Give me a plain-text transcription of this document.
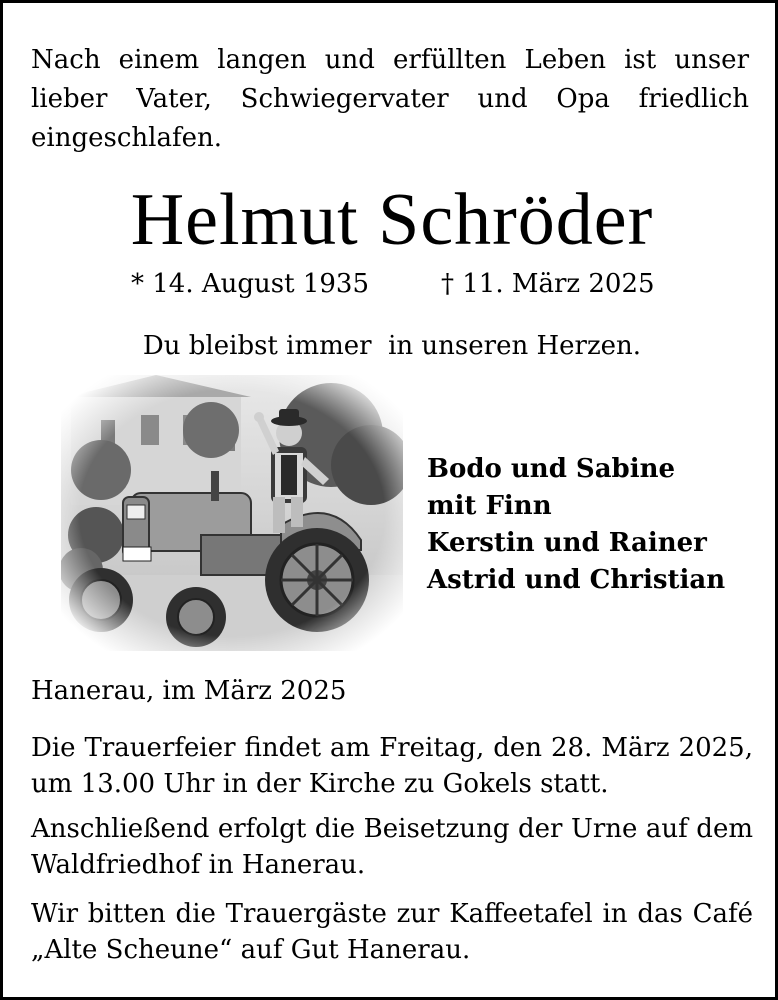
Nach einem langen und erfüllten Leben ist unser lieber Vater, Schwiegervater und Opa friedlich eingeschlafen.

Helmut Schröder
* 14. August 1935	† 11. März 2025
Du bleibst immer  in unseren Herzen.
Bodo und Sabine
mit Finn
Kerstin und Rainer
Astrid und Christian

Hanerau, im März 2025

Die Trauerfeier findet am Freitag, den 28. März 2025, um 13.00 Uhr in der Kirche zu Gokels statt.

Anschließend erfolgt die Beisetzung der Urne auf dem Waldfriedhof in Hanerau.

Wir bitten die Trauergäste zur Kaffeetafel in das Café „Alte Scheune“ auf Gut Hanerau.
